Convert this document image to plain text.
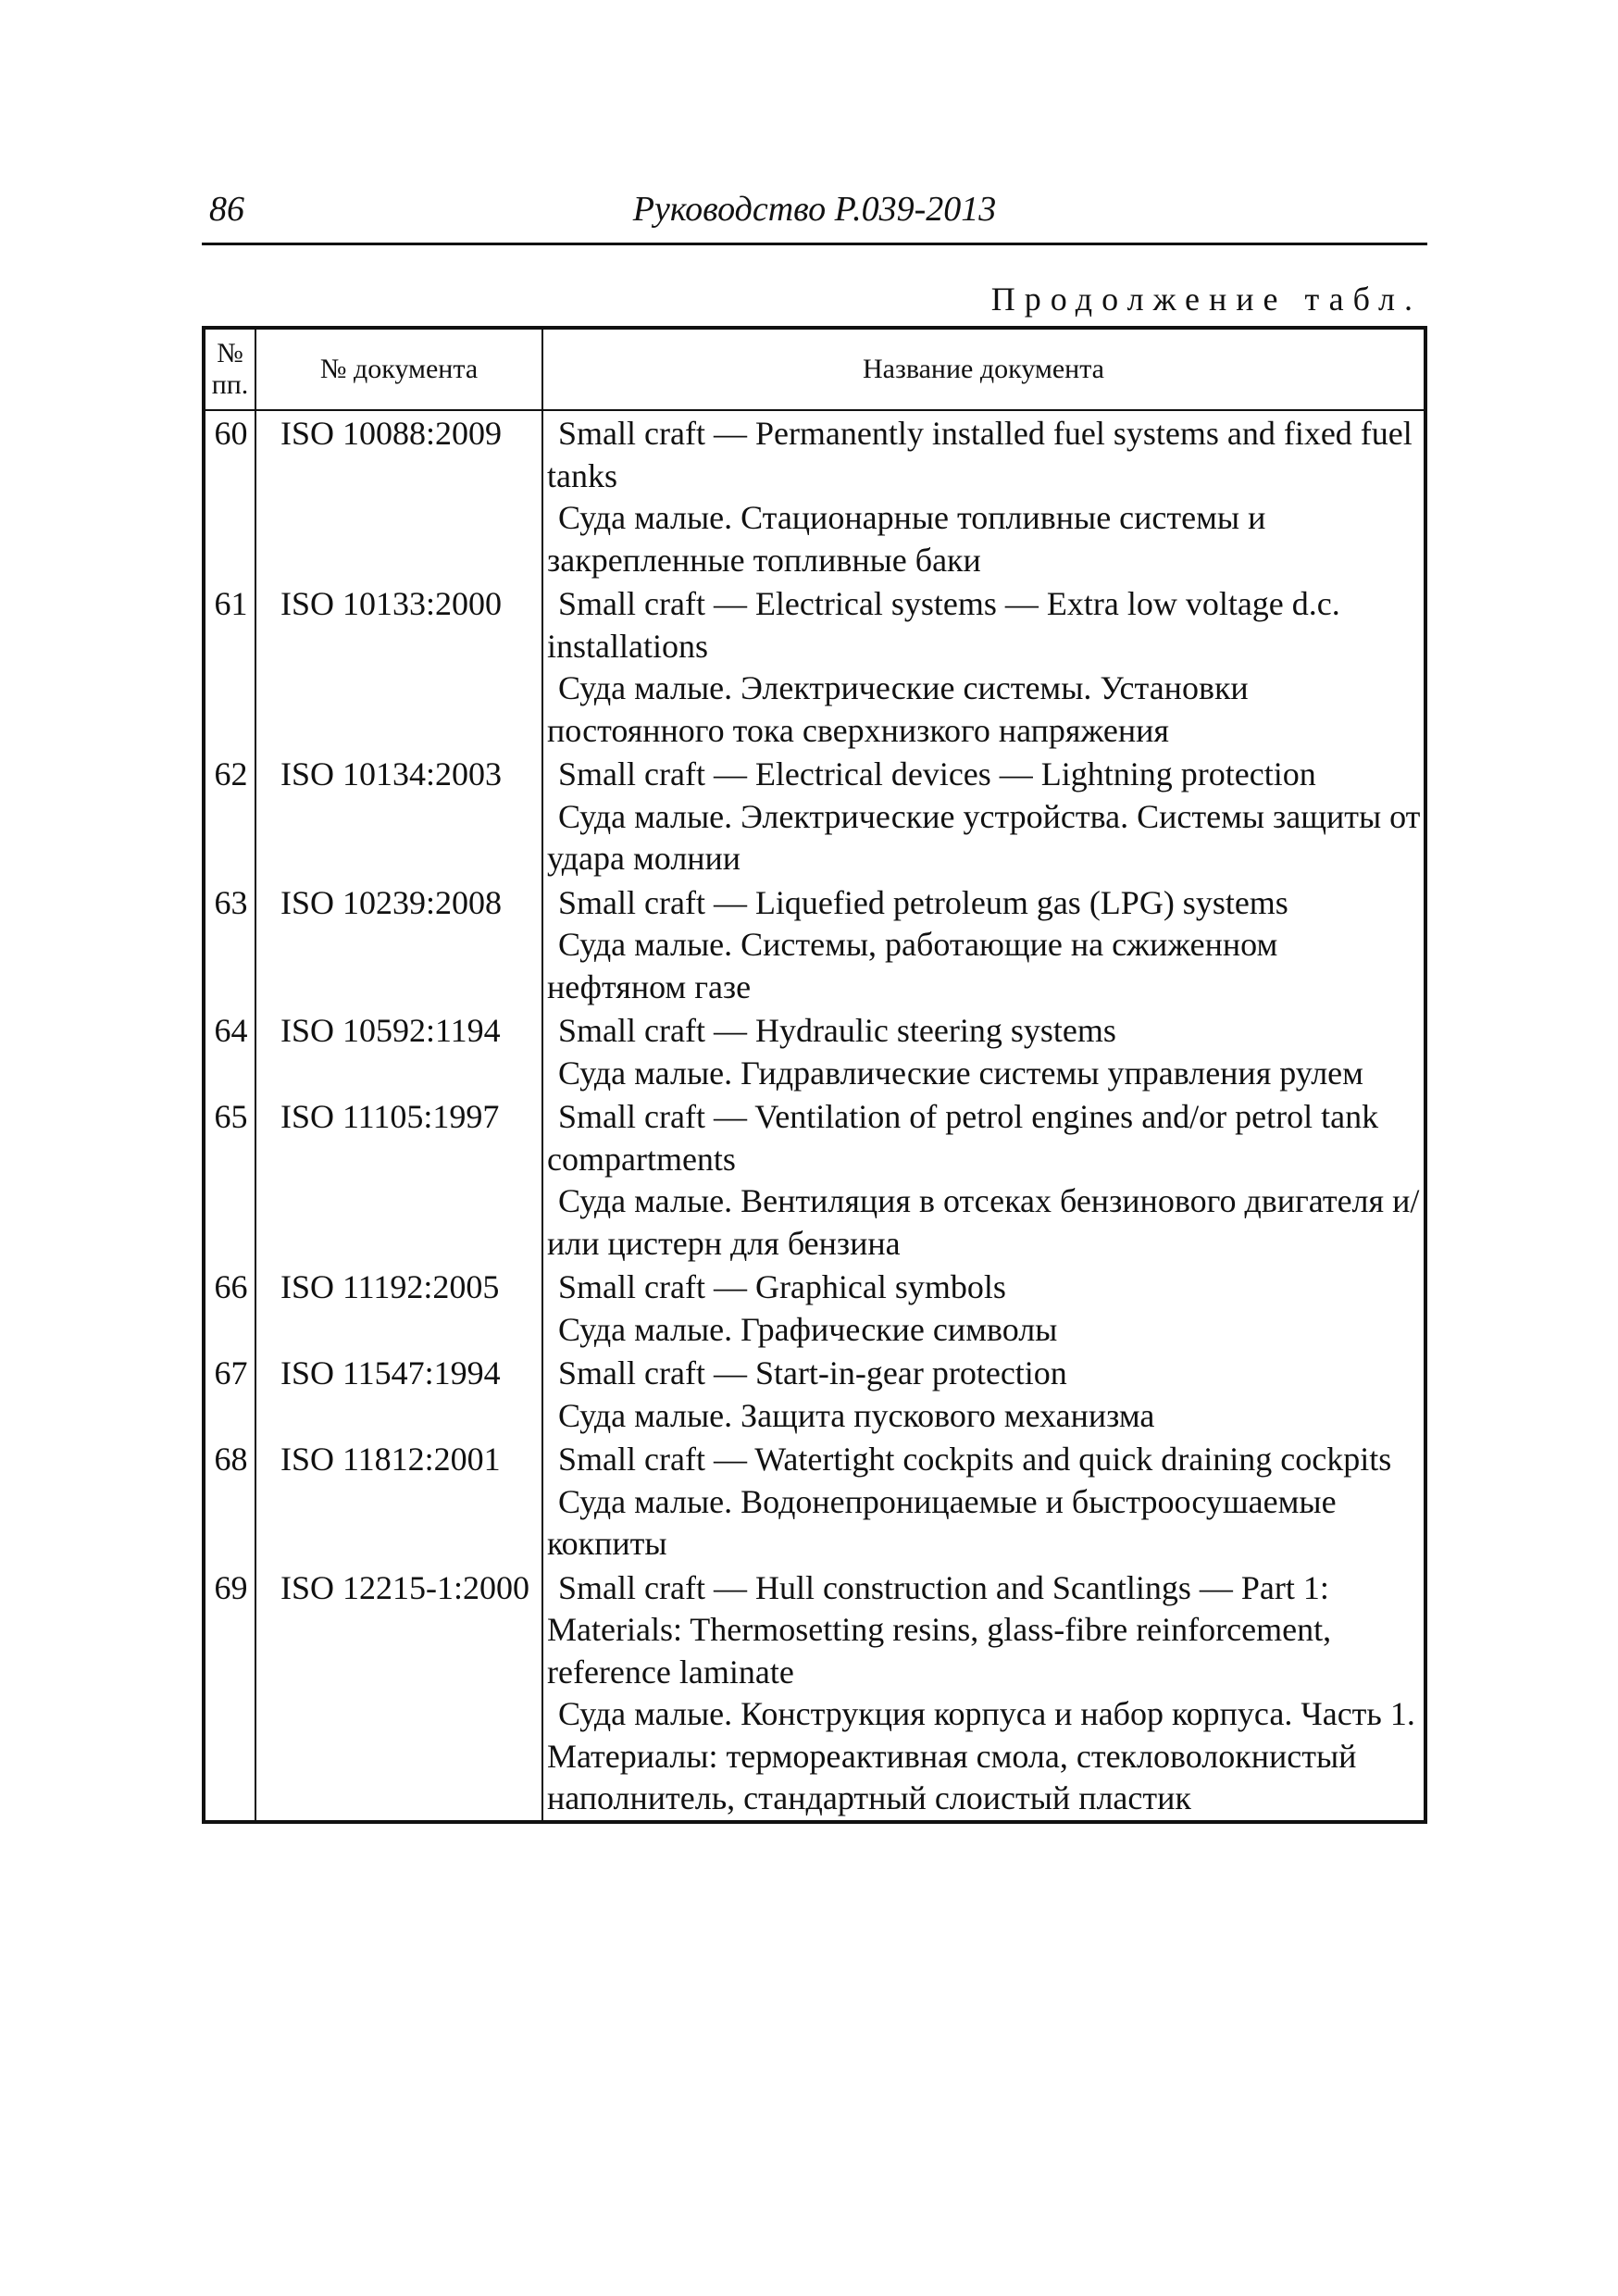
86	Руководство Р.039-2013
Продолжение табл.
№ пп.	№ документа	Название документа
60	ISO 10088:2009	Small craft — Permanently installed fuel systems and fixed fuel tanks
Суда малые. Стационарные топливные системы и закрепленные топливные баки

61	ISO 10133:2000	Small craft — Electrical systems — Extra low voltage d.c. installations
Суда малые. Электрические системы. Установки постоянного тока сверхнизкого напряжения

62	ISO 10134:2003	Small craft — Electrical devices — Lightning protection
Суда малые. Электрические устройства. Системы защиты от удара молнии

63	ISO 10239:2008	Small craft — Liquefied petroleum gas (LPG) systems
Суда малые. Системы, работающие на сжиженном нефтяном газе

64	ISO 10592:1194	Small craft — Hydraulic steering systems
Суда малые. Гидравлические системы управления рулем

65	ISO 11105:1997	Small craft — Ventilation of petrol engines and/or petrol tank compartments
Суда малые. Вентиляция в отсеках бензинового двигателя и/или цистерн для бензина

66	ISO 11192:2005	Small craft — Graphical symbols
Суда малые. Графические символы

67	ISO 11547:1994	Small craft — Start-in-gear protection
Суда малые. Защита пускового механизма

68	ISO 11812:2001	Small craft — Watertight cockpits and quick draining cockpits
Суда малые. Водонепроницаемые и быстроосушаемые кокпиты

69	ISO 12215-1:2000	Small craft — Hull construction and Scantlings — Part 1: Materials: Thermosetting resins, glass-fibre reinforcement, reference laminate
Суда малые. Конструкция корпуса и набор корпуса. Часть 1. Материалы: термореактивная смола, стекловолокнистый наполнитель, стандартный слоистый пластик
